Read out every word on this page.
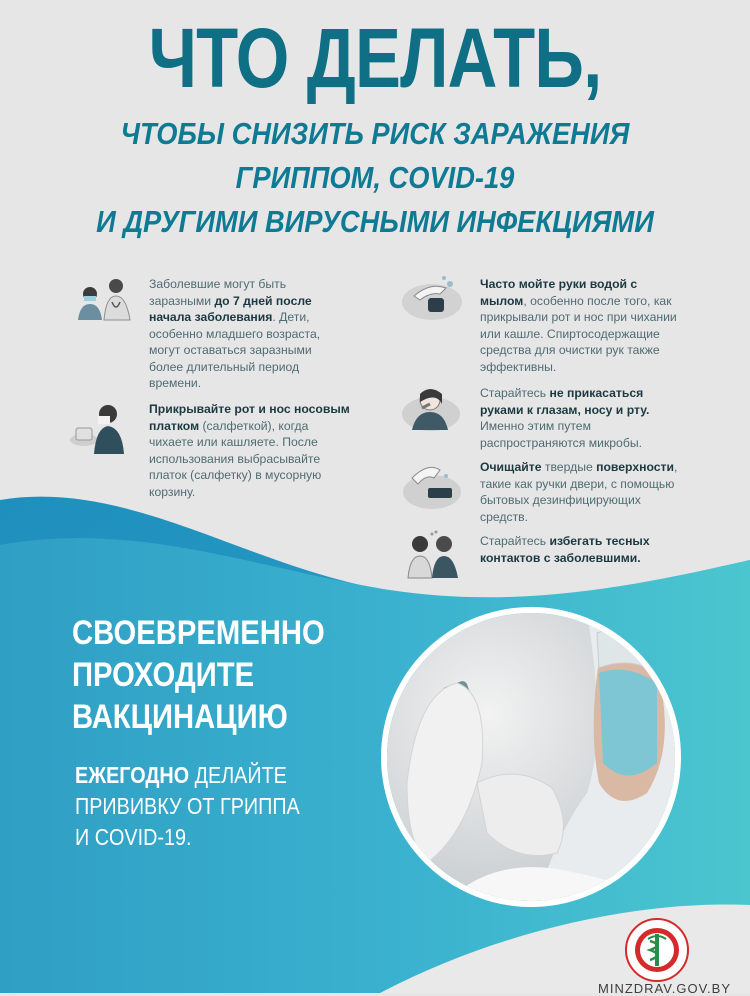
ЧТО ДЕЛАТЬ,
ЧТОБЫ СНИЗИТЬ РИСК ЗАРАЖЕНИЯ
ГРИППОМ, COVID-19
И ДРУГИМИ ВИРУСНЫМИ ИНФЕКЦИЯМИ
Заболевшие могут быть заразными до 7 дней после начала заболевания. Дети, особенно младшего возраста, могут оставаться заразными более длительный период времени.
Прикрывайте рот и нос носовым платком (салфеткой), когда чихаете или кашляете. После использования выбрасывайте платок (салфетку) в мусорную корзину.
Часто мойте руки водой с мылом, особенно после того, как прикрывали рот и нос при чихании или кашле. Спиртосодержащие средства для очистки рук также эффективны.
Старайтесь не прикасаться руками к глазам, носу и рту. Именно этим путем распространяются микробы.
Очищайте твердые поверхности, такие как ручки двери, с помощью бытовых дезинфицирующих средств.
Старайтесь избегать тесных контактов с заболевшими.
СВОЕВРЕМЕННО
ПРОХОДИТЕ
ВАКЦИНАЦИЮ
ЕЖЕГОДНО ДЕЛАЙТЕ
ПРИВИВКУ ОТ ГРИППА
И COVID-19.
MINZDRAV.GOV.BY
